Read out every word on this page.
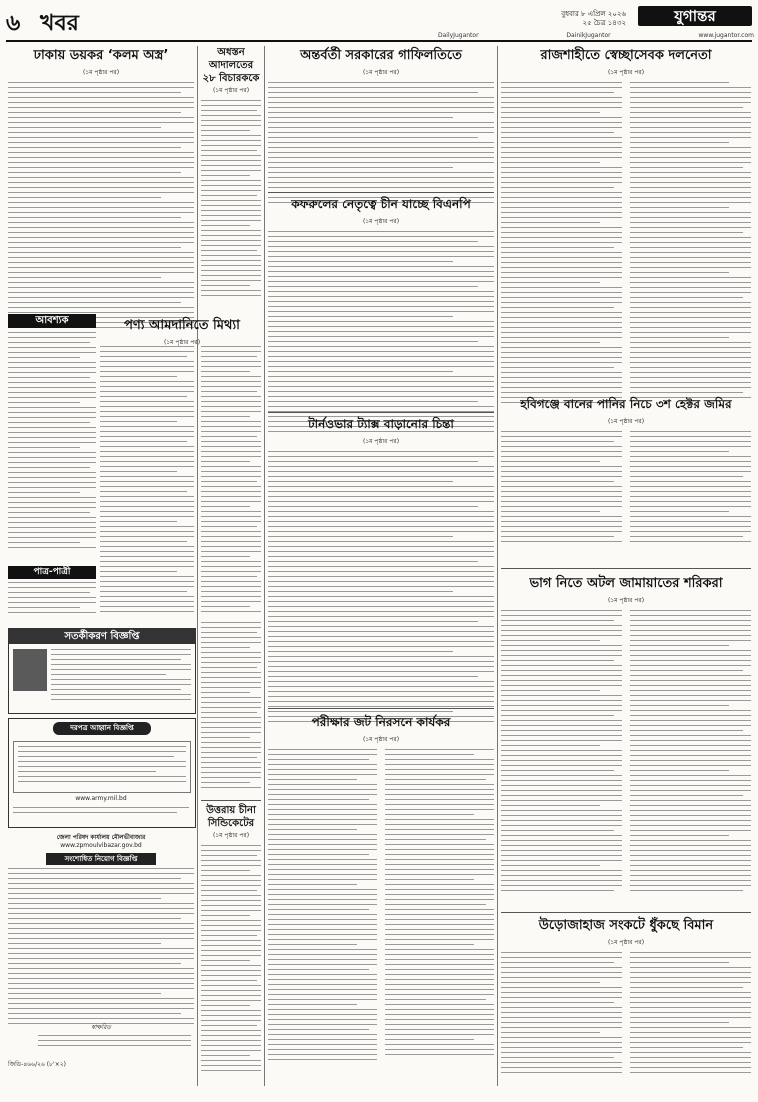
৬ খবর	বুধবার ৮ এপ্রিল ২০২৬
২৫ চৈত্র ১৪৩২	যুগান্তর
DailyJugantor	DainikJugantor	www.jugantor.com
ঢাকায় ডয়কর ‘কলম অস্ত্র’
(১ম পৃষ্ঠার পর)
অধস্তন আদালতের ২৮ বিচারককে
(১ম পৃষ্ঠার পর)
অন্তর্বর্তী সরকারের গাফিলতিতে
(১ম পৃষ্ঠার পর)
রাজশাহীতে স্বেচ্ছাসেবক দলনেতা
(১ম পৃষ্ঠার পর)
কফরুলের নেতৃত্বে চীন যাচ্ছে বিএনপি
(১ম পৃষ্ঠার পর)
আবশ্যক	পণ্য আমদানিতে মিথ্যা
(১ম পৃষ্ঠার পর)
টার্নওভার ট্যাক্স বাড়ানোর চিন্তা
(১ম পৃষ্ঠার পর)
হবিগঞ্জে বানের পানির নিচে ৩শ হেক্টর জমির
(১ম পৃষ্ঠার পর)
ভাগ নিতে অটল জামায়াতের শরিকরা
(১ম পৃষ্ঠার পর)
উড়োজাহাজ সংকটে ধুঁকছে বিমান
(১ম পৃষ্ঠার পর)
পরীক্ষার জট নিরসনে কার্যকর
(১ম পৃষ্ঠার পর)
পাত্র-পাত্রী
সতর্কীকরণ বিজ্ঞপ্তি
দরপত্র আহ্বান বিজ্ঞপ্তি
www.army.mil.bd
জেলা পরিষদ কার্যালয় মৌলভীবাজার
www.zpmoulvibazar.gov.bd
সংশোধিত নিয়োগ বিজ্ঞপ্তি
স্বাক্ষরিত
জিডি-৪৬৬/২৬ (৮'×২)
উত্তরায় চীনা সিন্ডিকেটের
(১ম পৃষ্ঠার পর)
